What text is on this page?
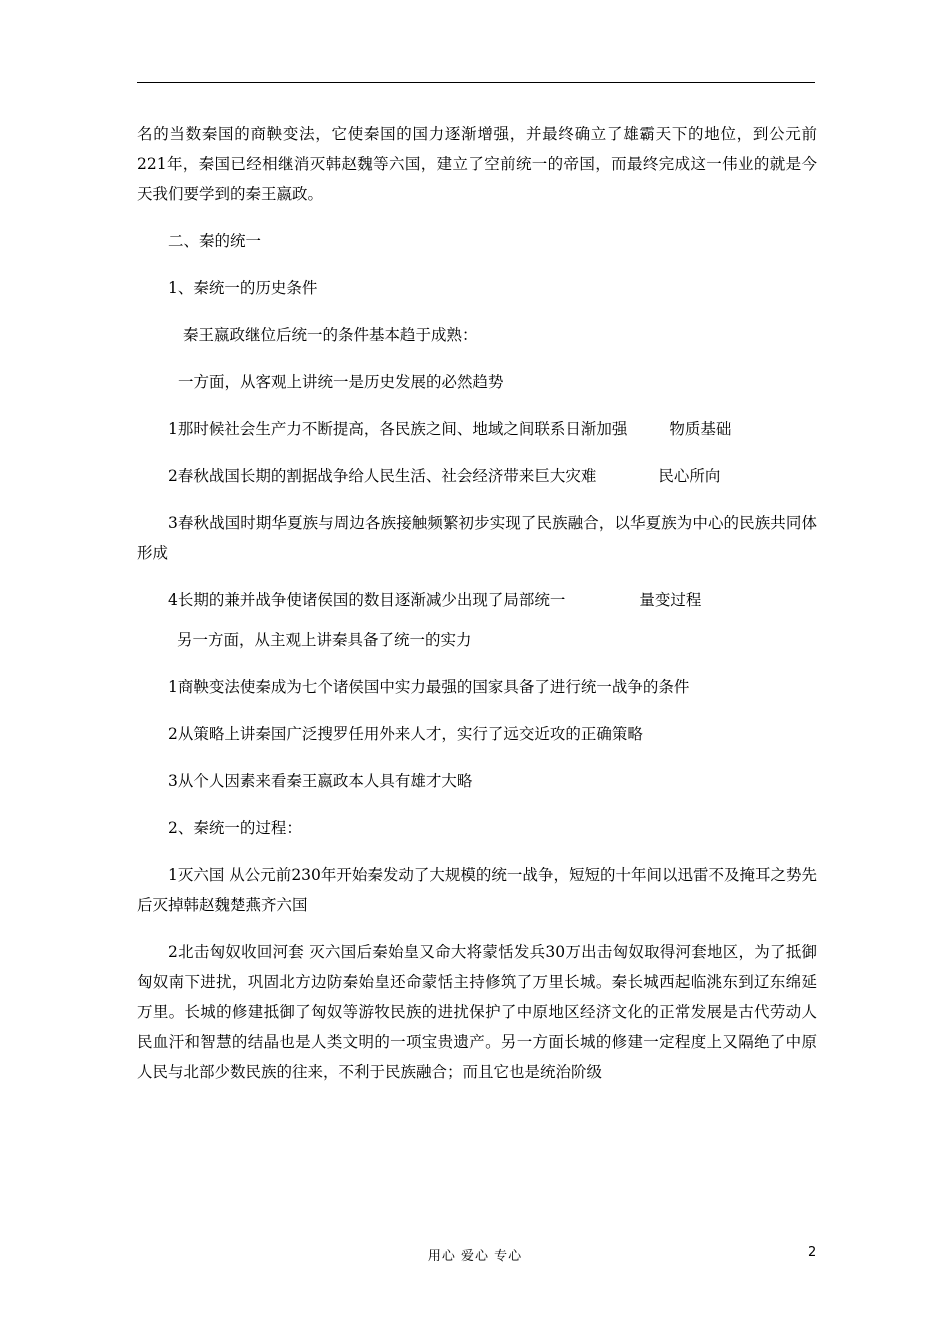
名的当数秦国的商鞅变法，它使秦国的国力逐渐增强，并最终确立了雄霸天下的地位，到公元前221年，秦国已经相继消灭韩赵魏等六国，建立了空前统一的帝国，而最终完成这一伟业的就是今天我们要学到的秦王嬴政。

二、秦的统一

1、秦统一的历史条件

秦王嬴政继位后统一的条件基本趋于成熟：

一方面，从客观上讲统一是历史发展的必然趋势

1那时候社会生产力不断提高，各民族之间、地域之间联系日渐加强	物质基础

2春秋战国长期的割据战争给人民生活、社会经济带来巨大灾难	民心所向

3春秋战国时期华夏族与周边各族接触频繁初步实现了民族融合，以华夏族为中心的民族共同体形成

4长期的兼并战争使诸侯国的数目逐渐减少出现了局部统一	量变过程

另一方面，从主观上讲秦具备了统一的实力

1商鞅变法使秦成为七个诸侯国中实力最强的国家具备了进行统一战争的条件

2从策略上讲秦国广泛搜罗任用外来人才，实行了远交近攻的正确策略

3从个人因素来看秦王嬴政本人具有雄才大略

2、秦统一的过程：

1灭六国 从公元前230年开始秦发动了大规模的统一战争，短短的十年间以迅雷不及掩耳之势先后灭掉韩赵魏楚燕齐六国

2北击匈奴收回河套 灭六国后秦始皇又命大将蒙恬发兵30万出击匈奴取得河套地区，为了抵御匈奴南下进扰，巩固北方边防秦始皇还命蒙恬主持修筑了万里长城。秦长城西起临洮东到辽东绵延万里。长城的修建抵御了匈奴等游牧民族的进扰保护了中原地区经济文化的正常发展是古代劳动人民血汗和智慧的结晶也是人类文明的一项宝贵遗产。另一方面长城的修建一定程度上又隔绝了中原人民与北部少数民族的往来，不利于民族融合；而且它也是统治阶级

用心 爱心 专心	2
